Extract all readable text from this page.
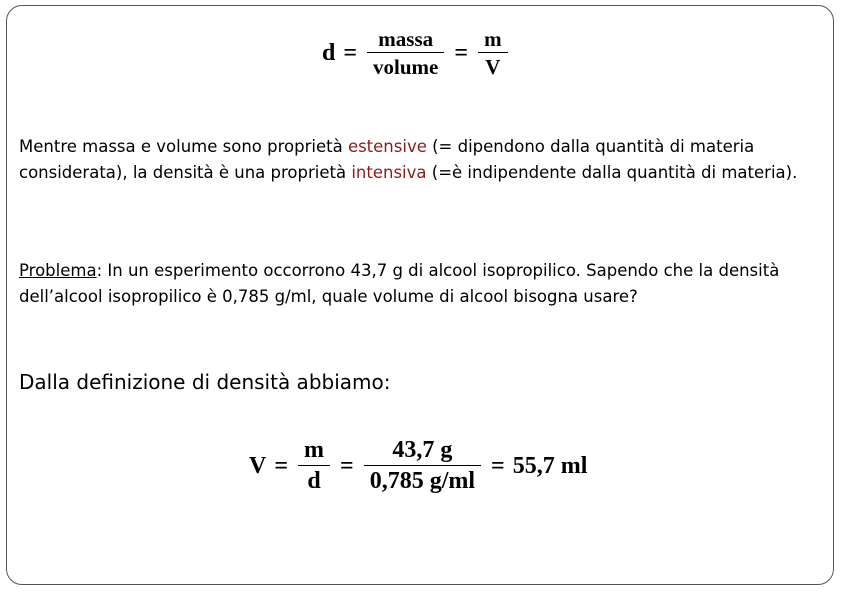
$d = \frac{\text{massa}}{\text{volume}} = \frac{m}{V}$

Mentre massa e volume sono proprietà estensive (= dipendono dalla quantità di materia considerata), la densità è una proprietà intensiva (=è indipendente dalla quantità di materia).

Problema: In un esperimento occorrono 43,7 g di alcool isopropilico. Sapendo che la densità dell’alcool isopropilico è 0,785 g/ml, quale volume di alcool bisogna usare?

Dalla definizione di densità abbiamo:

$V = \frac{m}{d} = \frac{43,7 g}{0,785 g/ml} = 55,7$ ml
